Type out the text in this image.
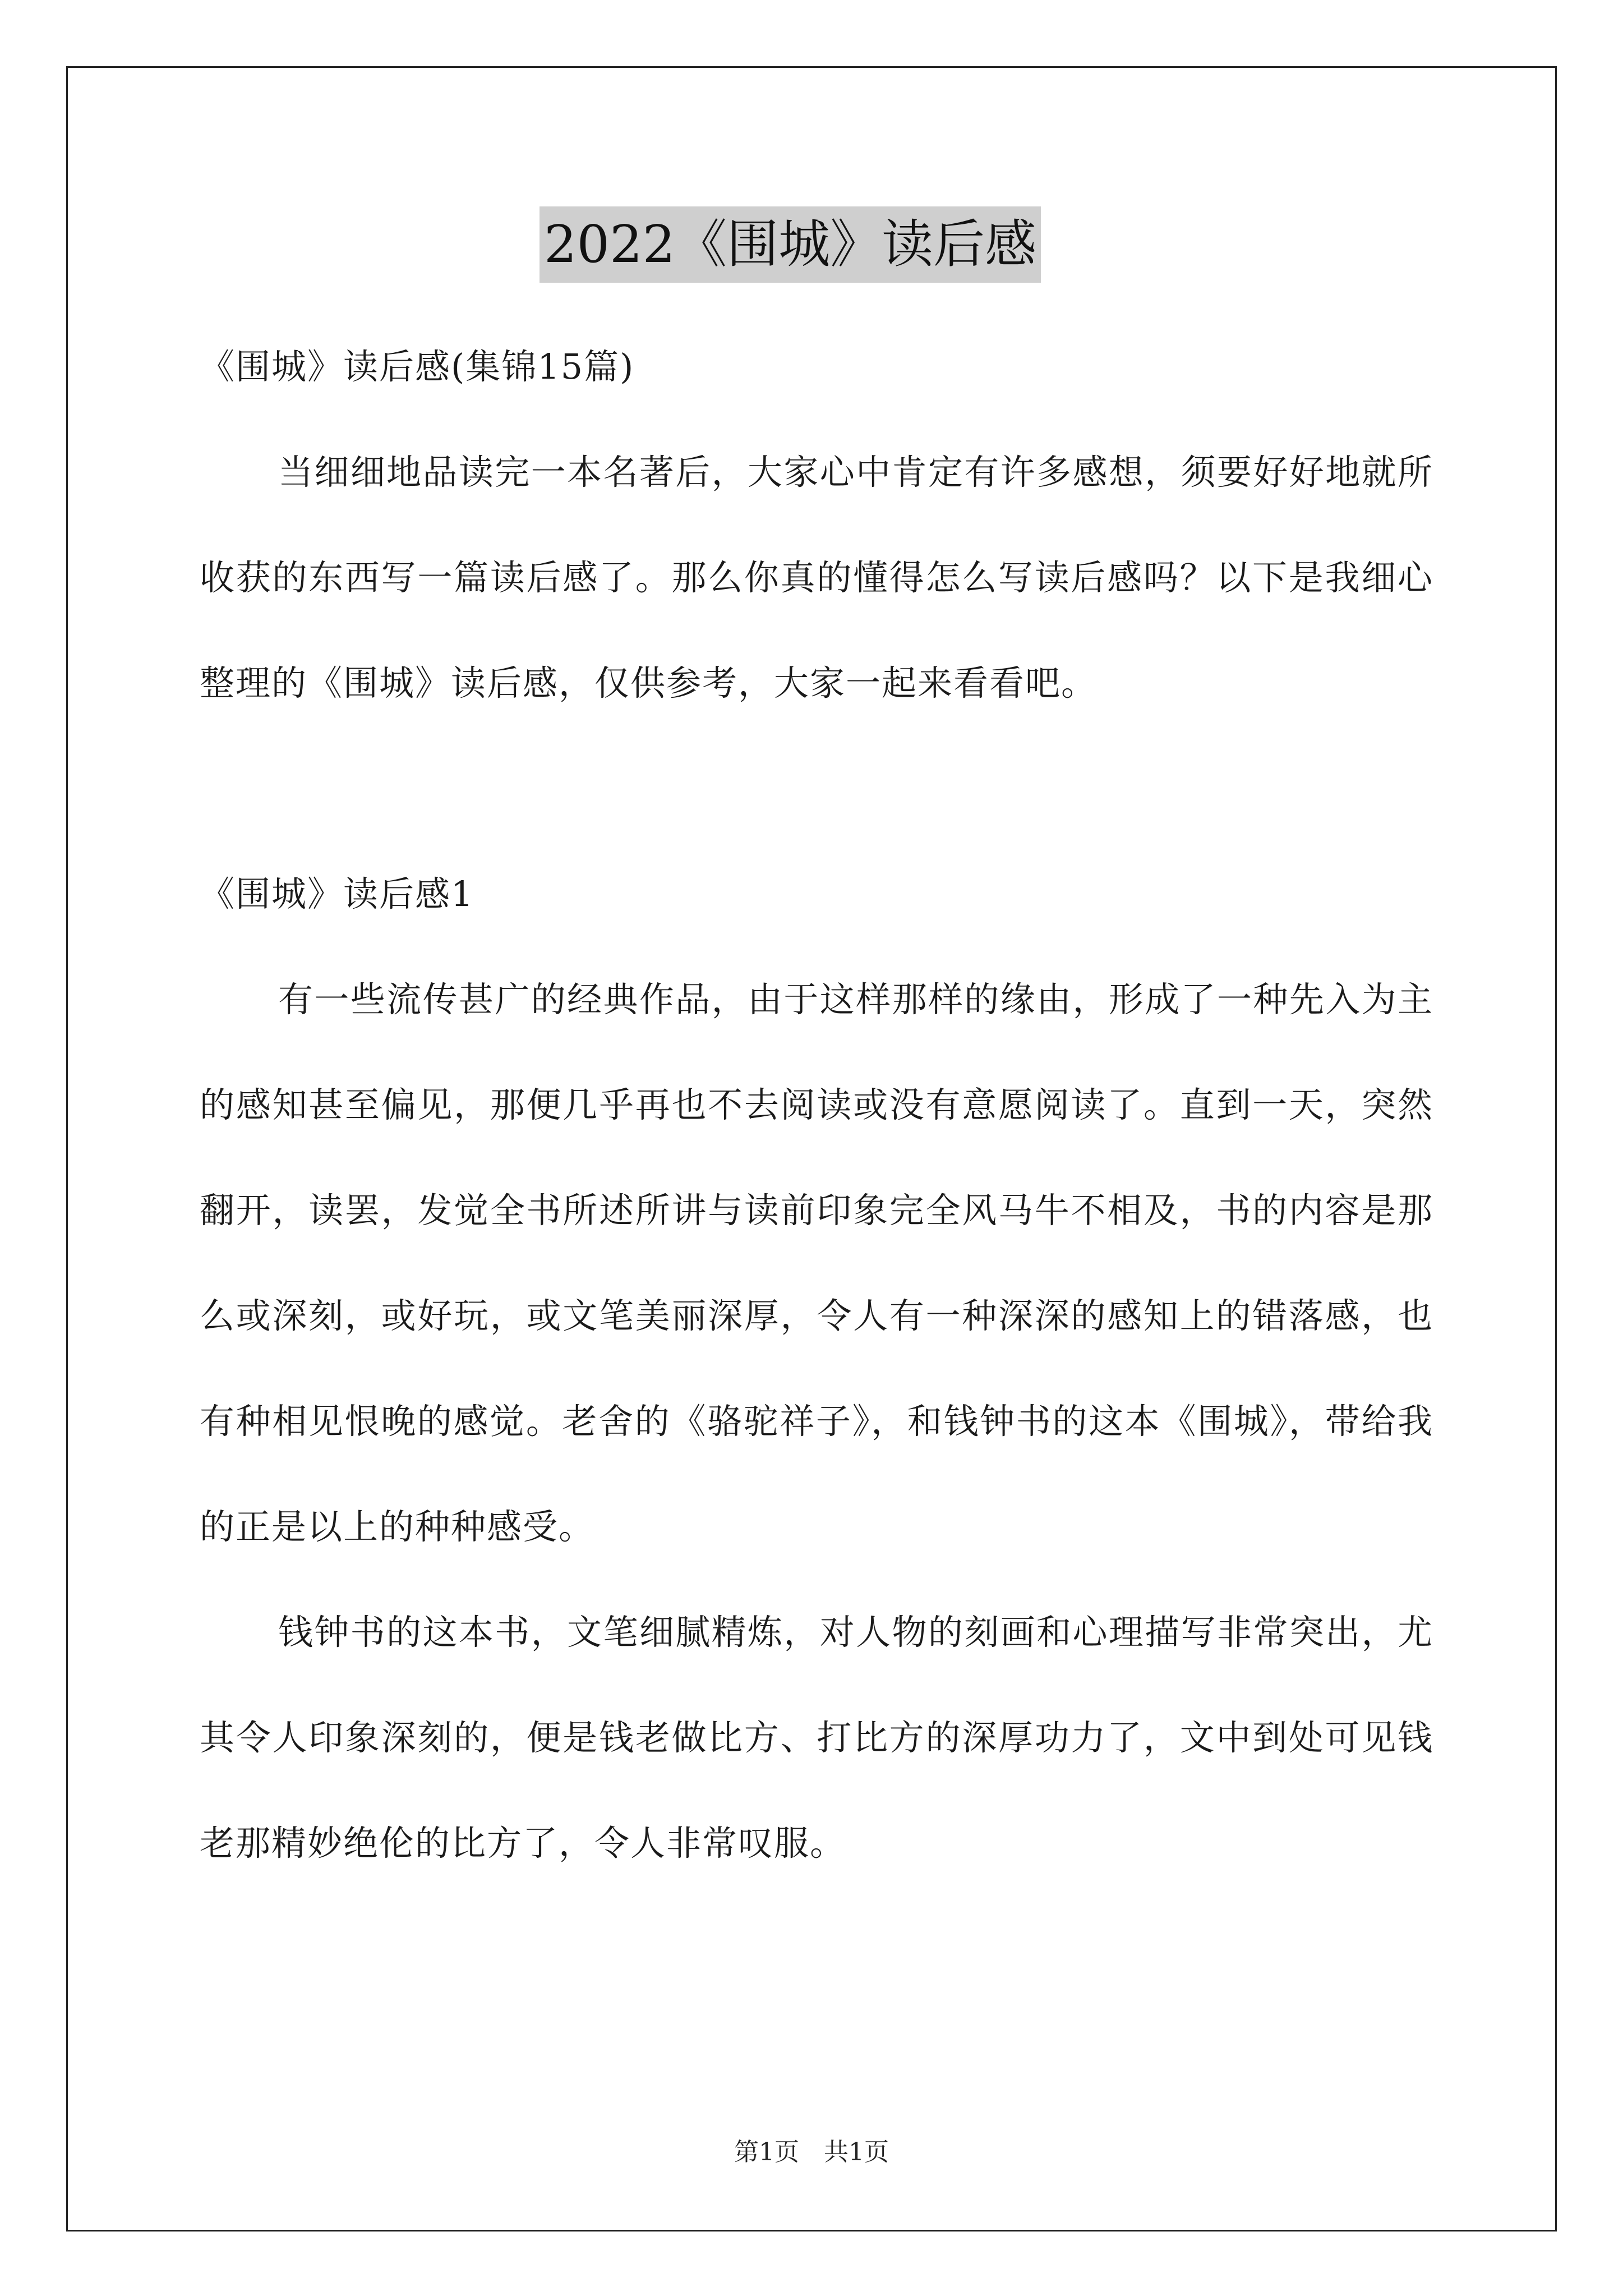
2022《围城》读后感

《围城》读后感(集锦15篇)

当细细地品读完一本名著后，大家心中肯定有许多感想，须要好好地就所收获的东西写一篇读后感了。那么你真的懂得怎么写读后感吗？以下是我细心整理的《围城》读后感，仅供参考，大家一起来看看吧。

《围城》读后感1

有一些流传甚广的经典作品，由于这样那样的缘由，形成了一种先入为主的感知甚至偏见，那便几乎再也不去阅读或没有意愿阅读了。直到一天，突然翻开，读罢，发觉全书所述所讲与读前印象完全风马牛不相及，书的内容是那么或深刻，或好玩，或文笔美丽深厚，令人有一种深深的感知上的错落感，也有种相见恨晚的感觉。老舍的《骆驼祥子》，和钱钟书的这本《围城》，带给我的正是以上的种种感受。

钱钟书的这本书，文笔细腻精炼，对人物的刻画和心理描写非常突出，尤其令人印象深刻的，便是钱老做比方、打比方的深厚功力了，文中到处可见钱老那精妙绝伦的比方了，令人非常叹服。

第1页　共1页
